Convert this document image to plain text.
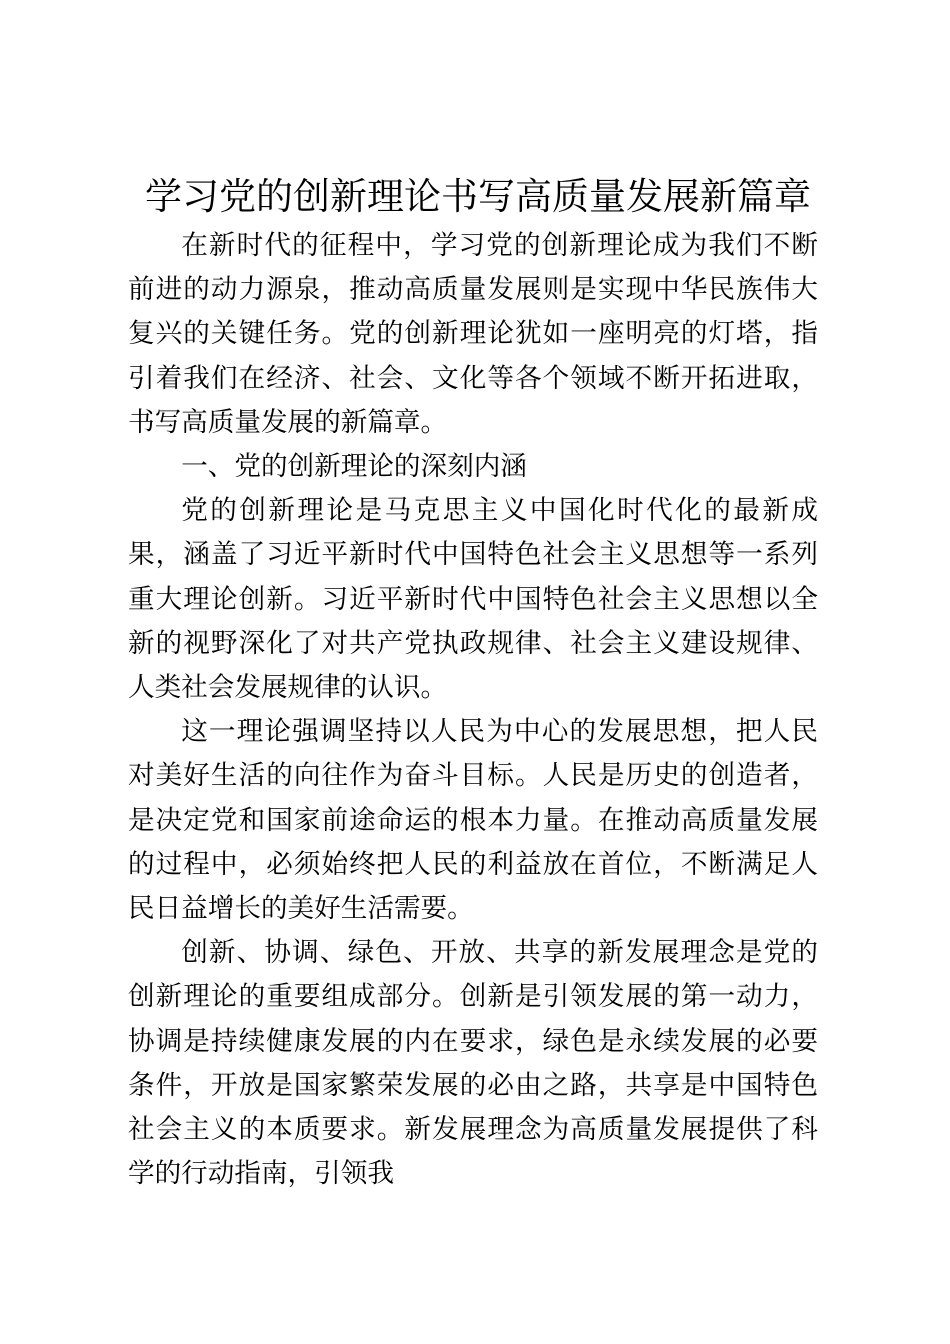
学习党的创新理论书写高质量发展新篇章

在新时代的征程中，学习党的创新理论成为我们不断前进的动力源泉，推动高质量发展则是实现中华民族伟大复兴的关键任务。党的创新理论犹如一座明亮的灯塔，指引着我们在经济、社会、文化等各个领域不断开拓进取，书写高质量发展的新篇章。

一、党的创新理论的深刻内涵

党的创新理论是马克思主义中国化时代化的最新成果，涵盖了习近平新时代中国特色社会主义思想等一系列重大理论创新。习近平新时代中国特色社会主义思想以全新的视野深化了对共产党执政规律、社会主义建设规律、人类社会发展规律的认识。

这一理论强调坚持以人民为中心的发展思想，把人民对美好生活的向往作为奋斗目标。人民是历史的创造者，是决定党和国家前途命运的根本力量。在推动高质量发展的过程中，必须始终把人民的利益放在首位，不断满足人民日益增长的美好生活需要。

创新、协调、绿色、开放、共享的新发展理念是党的创新理论的重要组成部分。创新是引领发展的第一动力，协调是持续健康发展的内在要求，绿色是永续发展的必要条件，开放是国家繁荣发展的必由之路，共享是中国特色社会主义的本质要求。新发展理念为高质量发展提供了科学的行动指南，引领我
